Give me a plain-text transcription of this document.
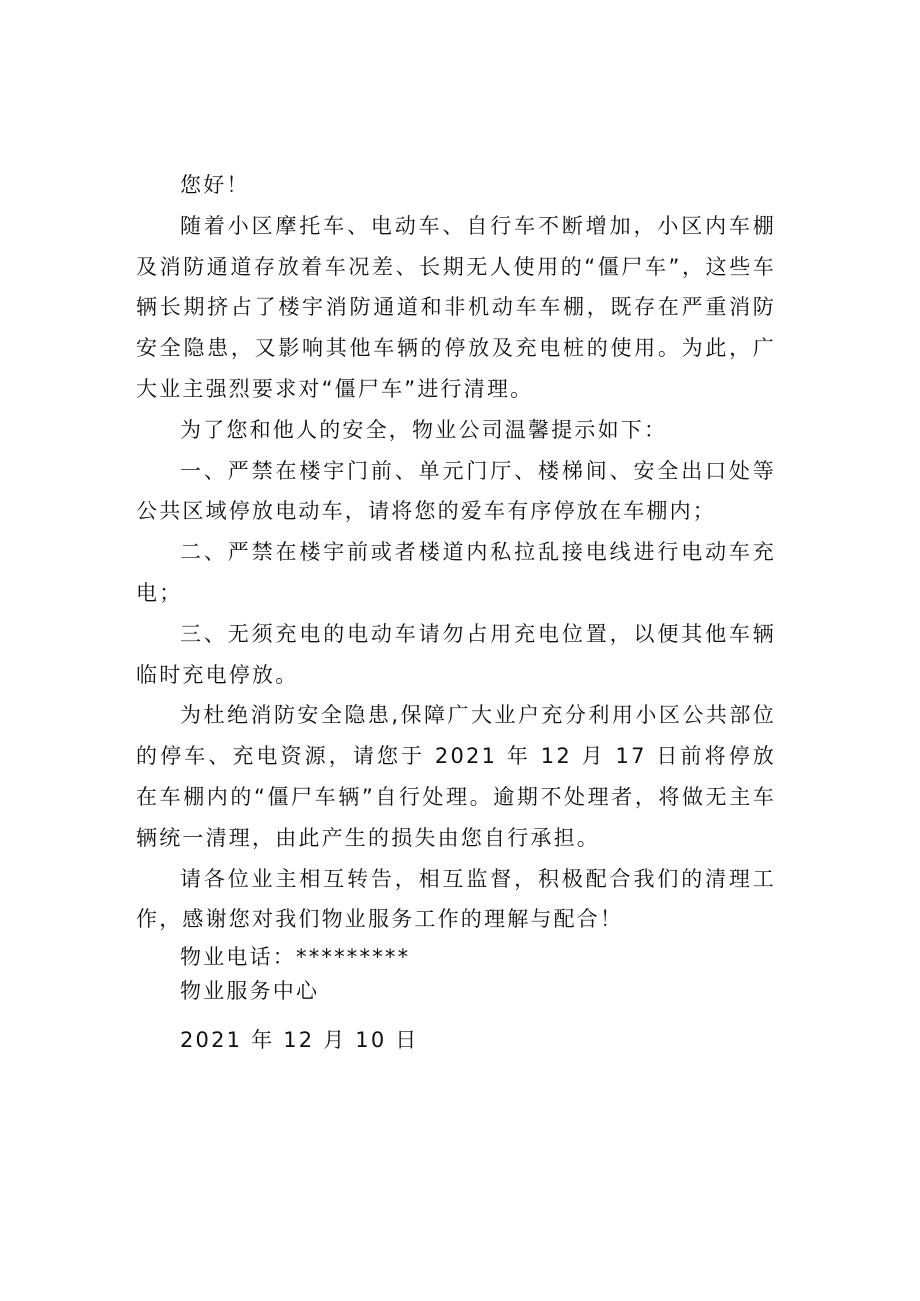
您好！

随着小区摩托车、电动车、自行车不断增加，小区内车棚及消防通道存放着车况差、长期无人使用的“僵尸车”，这些车辆长期挤占了楼宇消防通道和非机动车车棚，既存在严重消防安全隐患，又影响其他车辆的停放及充电桩的使用。为此，广大业主强烈要求对“僵尸车”进行清理。

为了您和他人的安全，物业公司温馨提示如下：

一、严禁在楼宇门前、单元门厅、楼梯间、安全出口处等公共区域停放电动车，请将您的爱车有序停放在车棚内；

二、严禁在楼宇前或者楼道内私拉乱接电线进行电动车充电；

三、无须充电的电动车请勿占用充电位置，以便其他车辆临时充电停放。

为杜绝消防安全隐患,保障广大业户充分利用小区公共部位的停车、充电资源，请您于 2021 年 12 月 17 日前将停放在车棚内的“僵尸车辆”自行处理。逾期不处理者，将做无主车辆统一清理，由此产生的损失由您自行承担。

请各位业主相互转告，相互监督，积极配合我们的清理工作，感谢您对我们物业服务工作的理解与配合！

物业电话：*********

物业服务中心

2021 年 12 月 10 日
